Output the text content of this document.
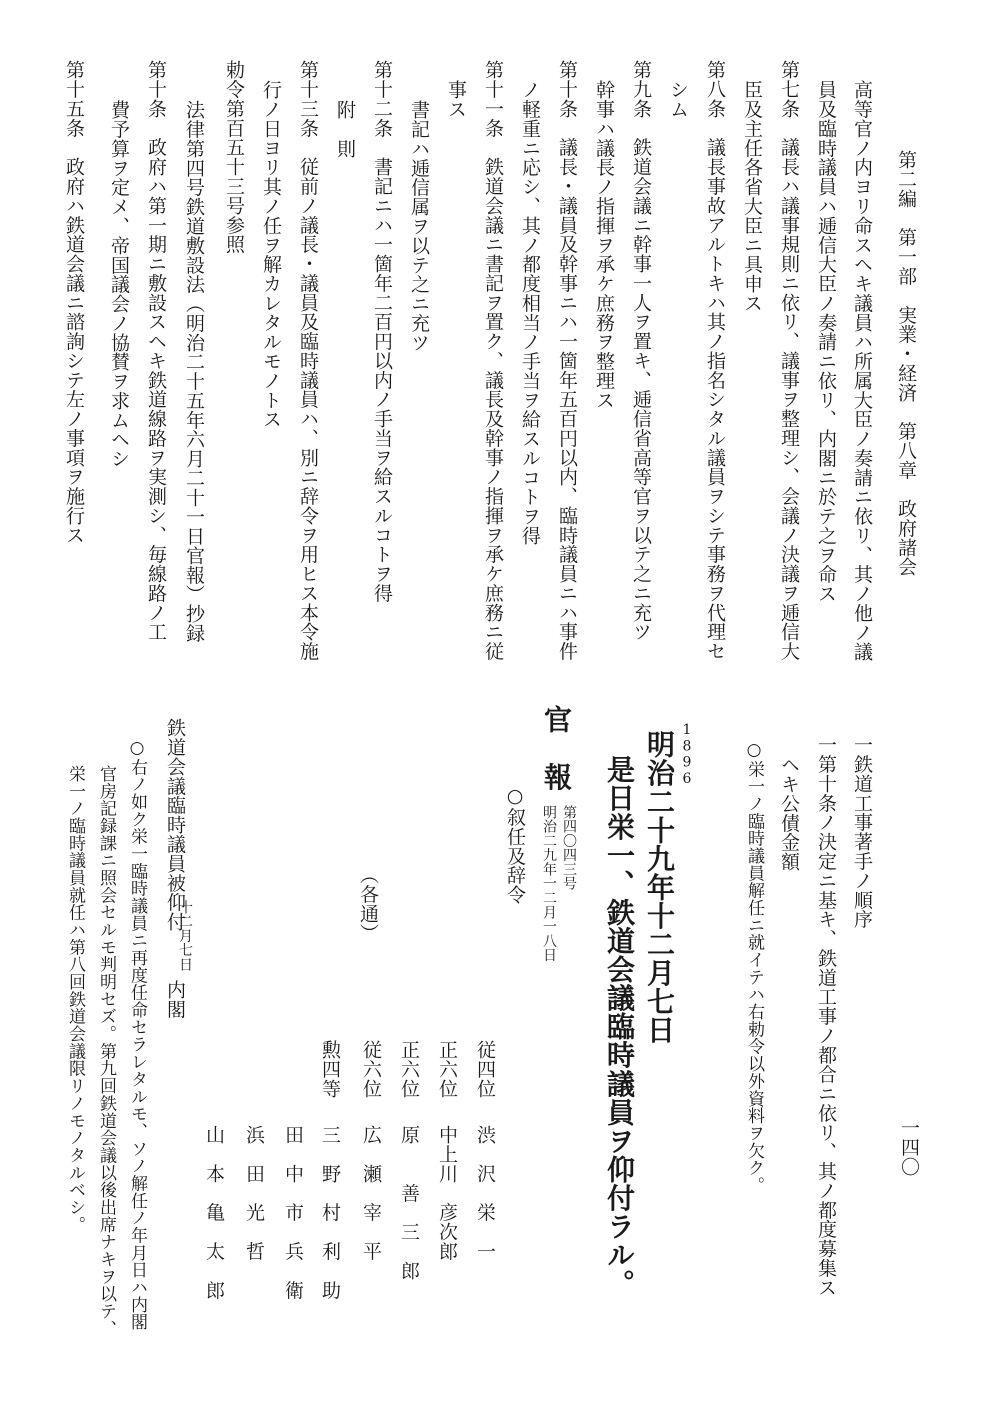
第二編　第一部　実業・経済　第八章　政府諸会
一四〇
高等官ノ内ヨリ命スヘキ議員ハ所属大臣ノ奏請ニ依リ、其ノ他ノ議
員及臨時議員ハ逓信大臣ノ奏請ニ依リ、内閣ニ於テ之ヲ命ス
第七条　議長ハ議事規則ニ依リ、議事ヲ整理シ、会議ノ決議ヲ逓信大
臣及主任各省大臣ニ具申ス
第八条　議長事故アルトキハ其ノ指名シタル議員ヲシテ事務ヲ代理セ
シム
第九条　鉄道会議ニ幹事一人ヲ置キ、逓信省高等官ヲ以テ之ニ充ツ
幹事ハ議長ノ指揮ヲ承ケ庶務ヲ整理ス
第十条　議長・議員及幹事ニハ一箇年五百円以内、臨時議員ニハ事件
ノ軽重ニ応シ、其ノ都度相当ノ手当ヲ給スルコトヲ得
第十一条　鉄道会議ニ書記ヲ置ク、議長及幹事ノ指揮ヲ承ケ庶務ニ従
事ス
書記ハ逓信属ヲ以テ之ニ充ツ
第十二条　書記ニハ一箇年二百円以内ノ手当ヲ給スルコトヲ得
附　則
第十三条　従前ノ議長・議員及臨時議員ハ、別ニ辞令ヲ用ヒス本令施
行ノ日ヨリ其ノ任ヲ解カレタルモノトス
勅令第百五十三号参照
法律第四号鉄道敷設法（明治二十五年六月二十一日官報）抄録
第十条　政府ハ第一期ニ敷設スヘキ鉄道線路ヲ実測シ、毎線路ノ工
費予算ヲ定メ、帝国議会ノ協賛ヲ求ムヘシ
第十五条　政府ハ鉄道会議ニ諮詢シテ左ノ事項ヲ施行ス
一鉄道工事著手ノ順序
一第十条ノ決定ニ基キ、鉄道工事ノ都合ニ依リ、其ノ都度募集ス
ヘキ公債金額
○栄一ノ臨時議員解任ニ就イテハ右勅令以外資料ヲ欠ク。
1896
明治二十九年十二月七日
是日栄一、鉄道会議臨時議員ヲ仰付ラル。
官　報
第四〇四三号
明治二九年一二月一八日
○叙任及辞令
（各通）
鉄道会議臨時議員被仰付
十二月七日
内閣
従四位
渋　沢　栄　一
正六位
中上川　彦次郎
正六位
原　　善　三　郎
従六位
広　瀬　宰　平
勲四等
三　野　村　利　助
田　中　市　兵　衛
浜　田　光　哲
山　本　亀　太　郎
○右ノ如ク栄一臨時議員ニ再度任命セラレタルモ、ソノ解任ノ年月日ハ内閣
官房記録課ニ照会セルモ判明セズ。第九回鉄道会議以後出席ナキヲ以テ、
栄一ノ臨時議員就任ハ第八回鉄道会議限リノモノタルベシ。
